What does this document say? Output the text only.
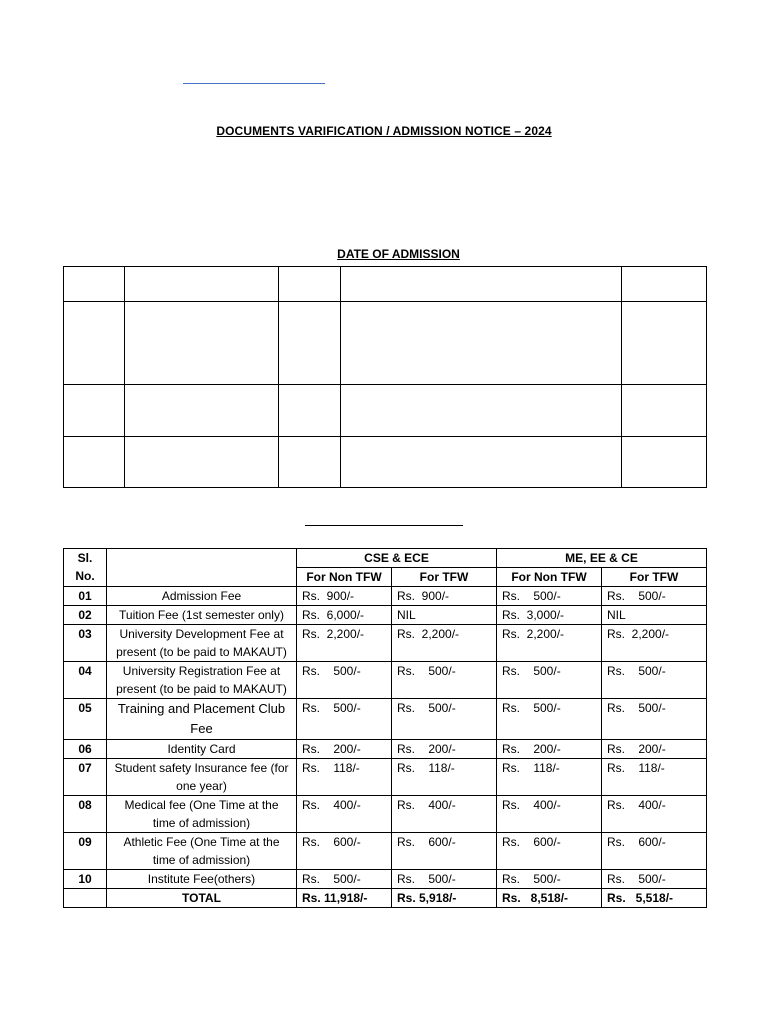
DOCUMENTS VARIFICATION / ADMISSION NOTICE – 2024
DATE OF ADMISSION

Sl. No.		CSE & ECE		ME, EE & CE	
		For Non TFW	For TFW	For Non TFW	For TFW
01	Admission Fee	Rs.  900/-	Rs.  900/-	Rs.    500/-	Rs.    500/-
02	Tuition Fee (1st semester only)	Rs.  6,000/-	NIL	Rs.  3,000/-	NIL
03	University Development Fee at present (to be paid to MAKAUT)	Rs.  2,200/-	Rs.  2,200/-	Rs.  2,200/-	Rs.  2,200/-
04	University Registration Fee at present (to be paid to MAKAUT)	Rs.    500/-	Rs.    500/-	Rs.    500/-	Rs.    500/-
05	Training and Placement Club Fee	Rs.    500/-	Rs.    500/-	Rs.    500/-	Rs.    500/-
06	Identity Card	Rs.    200/-	Rs.    200/-	Rs.    200/-	Rs.    200/-
07	Student safety Insurance fee (for one year)	Rs.    118/-	Rs.    118/-	Rs.    118/-	Rs.    118/-
08	Medical fee (One Time at the time of admission)	Rs.    400/-	Rs.    400/-	Rs.    400/-	Rs.    400/-
09	Athletic Fee (One Time at the time of admission)	Rs.    600/-	Rs.    600/-	Rs.    600/-	Rs.    600/-
10	Institute Fee(others)	Rs.    500/-	Rs.    500/-	Rs.    500/-	Rs.    500/-
	TOTAL	Rs. 11,918/-	Rs. 5,918/-	Rs.   8,518/-	Rs.   5,518/-
